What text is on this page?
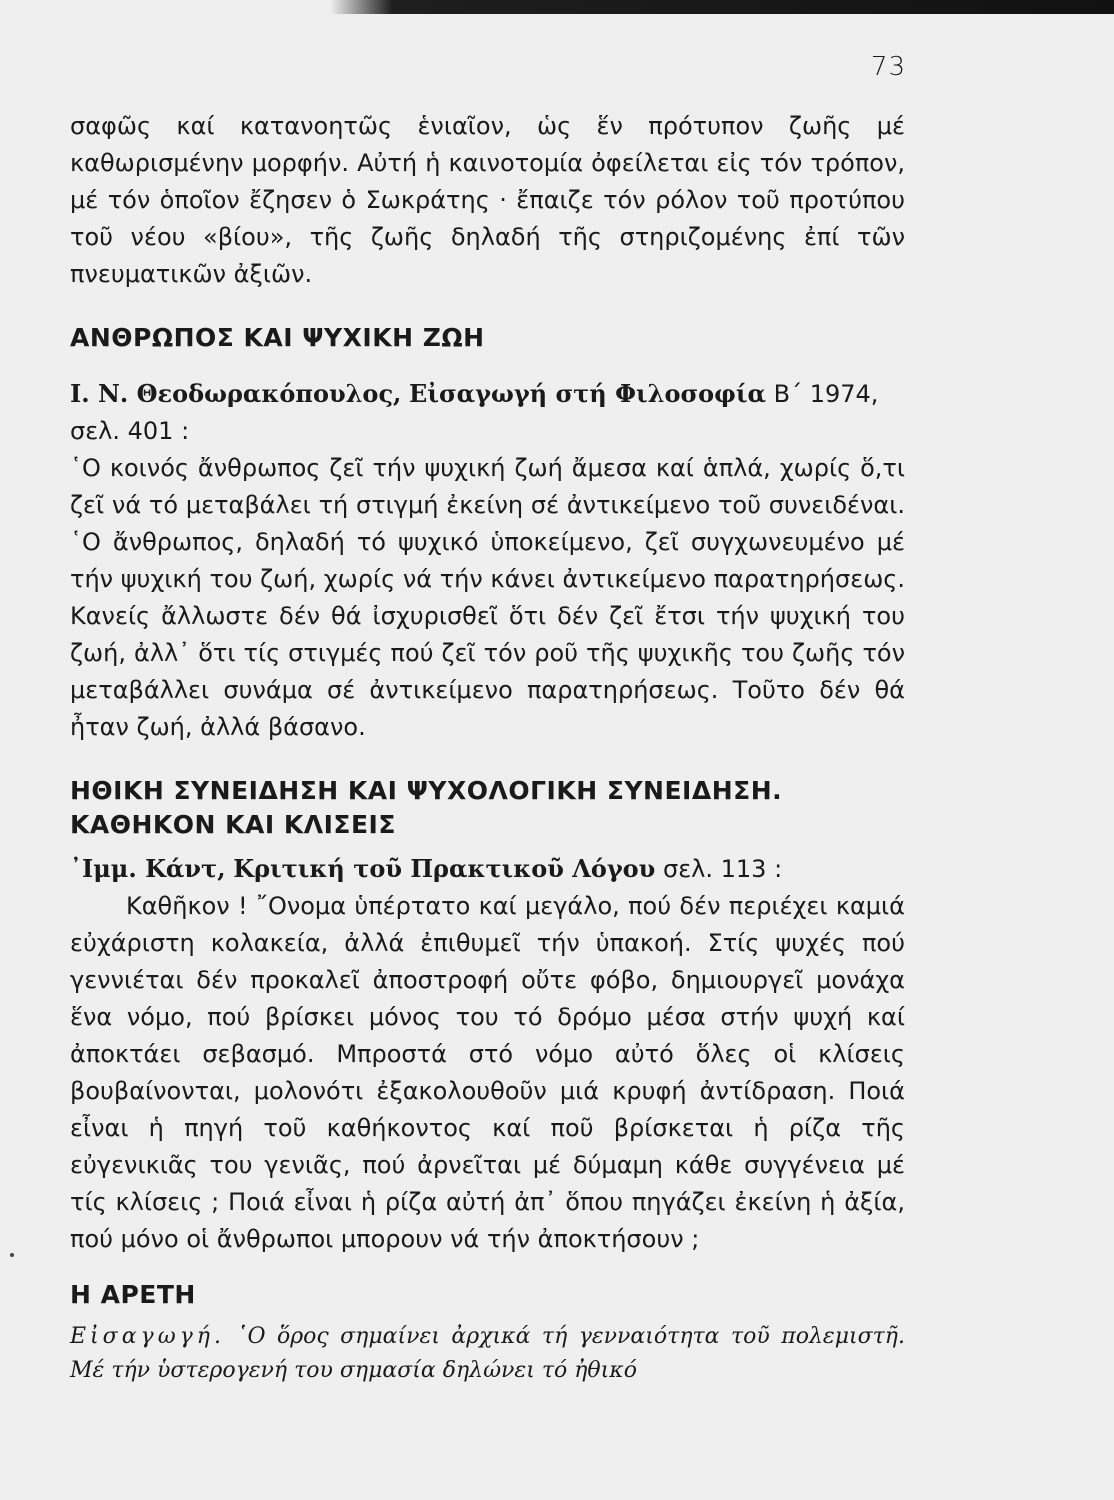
73

σαφῶς καί κατανοητῶς ἑνιαῖον, ὡς ἕν πρότυπον ζωῆς μέ καθωρισμένην μορφήν. Αὐτή ἡ καινοτομία ὀφείλεται εἰς τόν τρόπον, μέ τόν ὁποῖον ἔζησεν ὁ Σωκράτης · ἔπαιζε τόν ρόλον τοῦ προτύπου τοῦ νέου «βίου», τῆς ζωῆς δηλαδή τῆς στηριζομένης ἐπί τῶν πνευματικῶν ἀξιῶν.

ΑΝΘΡΩΠΟΣ ΚΑΙ ΨΥΧΙΚΗ ΖΩΗ

Ι. Ν. Θεοδωρακόπουλος, Εἰσαγωγή στή Φιλοσοφία Β΄ 1974, σελ. 401 :

῾Ο κοινός ἄνθρωπος ζεῖ τήν ψυχική ζωή ἄμεσα καί ἁπλά, χωρίς ὅ,τι ζεῖ νά τό μεταβάλει τή στιγμή ἐκείνη σέ ἀντικείμενο τοῦ συνειδέναι. ῾Ο ἄνθρωπος, δηλαδή τό ψυχικό ὑποκείμενο, ζεῖ συγχωνευμένο μέ τήν ψυχική του ζωή, χωρίς νά τήν κάνει ἀντικείμενο παρατηρήσεως. Κανείς ἄλλωστε δέν θά ἰσχυρισθεῖ ὅτι δέν ζεῖ ἔτσι τήν ψυχική του ζωή, ἀλλ᾿ ὅτι τίς στιγμές πού ζεῖ τόν ροῦ τῆς ψυχικῆς του ζωῆς τόν μεταβάλλει συνάμα σέ ἀντικείμενο παρατηρήσεως. Τοῦτο δέν θά ἦταν ζωή, ἀλλά βάσανο.

ΗΘΙΚΗ ΣΥΝΕΙΔΗΣΗ ΚΑΙ ΨΥΧΟΛΟΓΙΚΗ ΣΥΝΕΙΔΗΣΗ.
ΚΑΘΗΚΟΝ ΚΑΙ ΚΛΙΣΕΙΣ

᾿Ιμμ. Κάντ, Κριτική τοῦ Πρακτικοῦ Λόγου σελ. 113 :

Καθῆκον ! ῎Ονομα ὑπέρτατο καί μεγάλο, πού δέν περιέχει καμιά εὐχάριστη κολακεία, ἀλλά ἐπιθυμεῖ τήν ὑπακοή. Στίς ψυχές πού γεννιέται δέν προκαλεῖ ἀποστροφή οὔτε φόβο, δημιουργεῖ μονάχα ἕνα νόμο, πού βρίσκει μόνος του τό δρόμο μέσα στήν ψυχή καί ἀποκτάει σεβασμό. Μπροστά στό νόμο αὐτό ὅλες οἱ κλίσεις βουβαίνονται, μολονότι ἐξακολουθοῦν μιά κρυφή ἀντίδραση. Ποιά εἶναι ἡ πηγή τοῦ καθήκοντος καί ποῦ βρίσκεται ἡ ρίζα τῆς εὐγενικιᾶς του γενιᾶς, πού ἀρνεῖται μέ δύμαμη κάθε συγγένεια μέ τίς κλίσεις ; Ποιά εἶναι ἡ ρίζα αὐτή ἀπ᾿ ὅπου πηγάζει ἐκείνη ἡ ἀξία, πού μόνο οἱ ἄνθρωποι μπορουν νά τήν ἀποκτήσουν ;

Η ΑΡΕΤΗ

Εἰσαγωγή. ῾Ο ὅρος σημαίνει ἀρχικά τή γενναιότητα τοῦ πολεμιστῆ. Μέ τήν ὑστερογενή του σημασία δηλώνει τό ἠθικό
